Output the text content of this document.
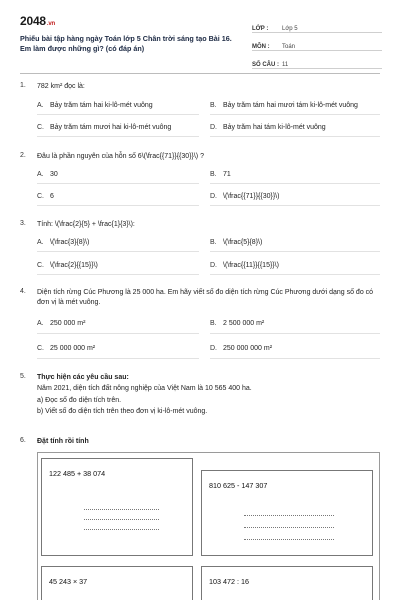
2048.vn
Phiếu bài tập hàng ngày Toán lớp 5 Chân trời sáng tạo Bài 16. Em làm được những gì? (có đáp án)
LỚP :	Lớp 5
MÔN :	Toán
SỐ CÂU : 11
1. 782 km² đọc là:
A. Bảy trăm tám hai ki-lô-mét vuông	B. Bảy trăm tám hai mươi tám ki-lô-mét vuông
C. Bảy trăm tám mươi hai ki-lô-mét vuông	D. Bảy trăm hai tám ki-lô-mét vuông
2. Đâu là phần nguyên của hỗn số 6\(\frac{{71}}{{30}}\) ?
A. 30	B. 71
C. 6	D. \(\frac{{71}}{{30}}\)
3. Tính: \(\frac{2}{5} + \frac{1}{3}\):
A. \(\frac{3}{8}\)	B. \(\frac{5}{8}\)
C. \(\frac{2}{{15}}\)	D. \(\frac{{11}}{{15}}\)
4. Diện tích rừng Cúc Phương là 25 000 ha. Em hãy viết số đo diện tích rừng Cúc Phương dưới dạng số đo có đơn vị là mét vuông.
A. 250 000 m²	B. 2 500 000 m²
C. 25 000 000 m²	D. 250 000 000 m²
5. Thực hiện các yêu cầu sau:
Năm 2021, diện tích đất nông nghiệp của Việt Nam là 10 565 400 ha.
a) Đọc số đo diện tích trên.
b) Viết số đo diện tích trên theo đơn vị ki-lô-mét vuông.
6. Đặt tính rồi tính
122 485 + 38 074
810 625 - 147 307
45 243 × 37	103 472 : 16
